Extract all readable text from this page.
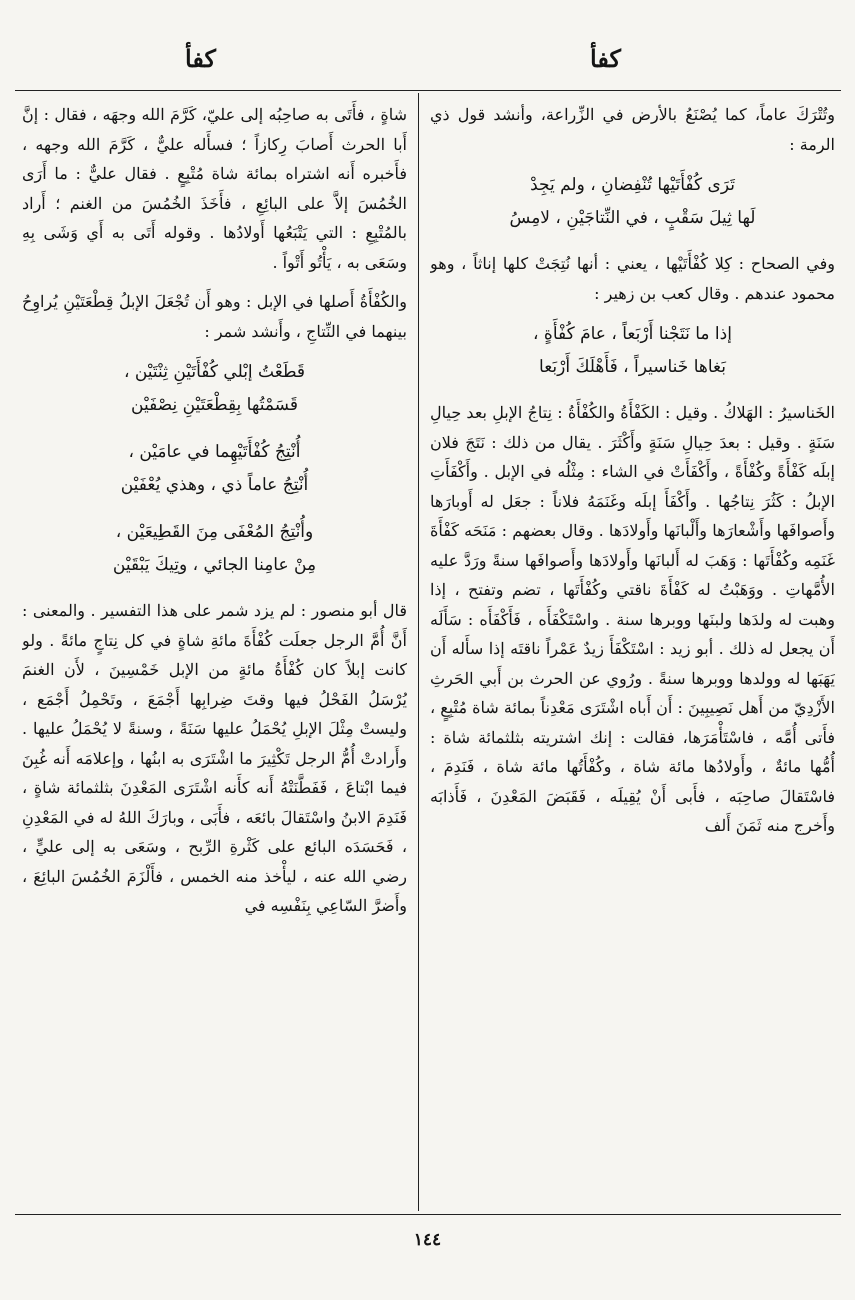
كفأ
كفأ

وتُتْرَكَ عاماً، كما يُصْنَعُ بالأرض في الزِّراعة، وأنشد قول ذي الرمة :

تَرَى كُفْأَتَيْها تُنْفِضانِ ، ولم يَجِدْ
لَها ثِيلَ سَقْبٍ ، في النِّتاجَيْنِ ، لامِسُ

وفي الصحاح : كِلا كُفْأَتَيْها ، يعني : أنها نُتِجَتْ كلها إناثاً ، وهو محمود عندهم . وقال كعب بن زهير :

إذا ما نَتَجْنا أَرْبَعاً ، عامَ كُفْأَةٍ ،
بَغاها خَناسيراً ، فَأَهْلَكَ أَرْبَعا

الخَناسيرُ : الهَلاكُ . وقيل : الكَفْأَةُ والكُفْأَةُ : نِتاجُ الإبلِ بعد حِيالِ سَنَةٍ . وقيل : بعدَ حِيالِ سَنَةٍ وأَكْثَرَ . يقال من ذلك : نَتَجَ فلان إبلَه كَفْأَةً وكُفْأَةً ، وأَكْفَأَتْ في الشاء : مِثْلُه في الإبل . وأَكْفَأَتِ الإبلُ : كَثُرَ نِتاجُها . وأَكْفَأَ إبلَه وغَنَمَهُ فلاناً : جعَل له أَوبارَها وأَصوافَها وأَشْعارَها وأَلْبانَها وأَولادَها . وقال بعضهم : مَنَحَه كَفْأَةَ غَنَمِه وكُفْأَتَها : وَهَبَ له أَلبانَها وأَولادَها وأَصوافَها سنةً ورَدَّ عليه الأُمَّهاتِ . ووَهَبْتُ له كَفْأَةَ ناقتي وكُفْأَتَها ، تضم وتفتح ، إذا وهبت له ولدَها ولبنَها ووبرها سنة . واسْتَكْفَأَه ، فَأَكْفَأَه : سَأَلَه أَن يجعل له ذلك . أبو زيد : اسْتَكْفَأَ زيدٌ عَمْراً ناقتَه إذا سأَله أَن يَهَبَها له وولدها ووبرها سنةً . ورُوي عن الحرث بن أَبي الحَرثِ الأَزْدِيّ من أَهل نَصِيبِينَ : أَن أَباه اشْتَرَى مَعْدِناً بمائة شاة مُتْبِعٍ ، فأَتى أُمَّه ، فاسْتَأْمَرَها، فقالت : إنك اشتريته بثلثمائة شاة : أُمُّها مائةٌ ، وأَولادُها مائة شاة ، وكُفْأَتُها مائة شاة ، فَنَدِمَ ، فاسْتَقالَ صاحِبَه ، فأَبى أَنْ يُقِيلَه ، فَقَبَضَ المَعْدِنَ ، فَأَذابَه وأَخرج منه ثَمَنَ أَلف

شاةٍ ، فأَتَى به صاحِبُه إلى عليّ، كَرَّمَ الله وجهَه ، فقال : إنَّ أَبا الحرث أَصابَ رِكازاً ؛ فسأَله عليٌّ ، كَرَّمَ الله وجهه ، فأَخبره أَنه اشتراه بمائة شاة مُتْبِعٍ . فقال عليٌّ : ما أَرَى الخُمُسَ إلاَّ على البائِعِ ، فأَخَذَ الخُمُسَ من الغنم ؛ أَراد بالمُتْبِعِ : التي يَتْبَعُها أَولادُها . وقوله أَتَى به أَي وَشَى بِهِ وسَعَى به ، يَأْتُو أَتْواً .

والكُفْأَةُ أَصلها في الإبل : وهو أَن تُجْعَلَ الإبلُ قِطْعَتَيْنِ يُراوِحُ بينهما في النِّتاجِ ، وأَنشد شمر :

قَطَعْتُ إبْلي كُفْأَتَيْنِ ثِنْتَيْن ،
قَسَمْتُها بِقِطْعَتَيْنِ نِصْفَيْن
أُنْتِجُ كُفْأَتَيْهِما في عامَيْن ،
أُنْتِجُ عاماً ذي ، وهذي يُعْفَيْن
وأُنْتِجُ المُعْفَى مِنَ القَطِيعَيْن ،
مِنْ عامِنا الجائي ، وتِيكَ يَبْقَيْن

قال أبو منصور : لم يزد شمر على هذا التفسير . والمعنى : أَنَّ أُمَّ الرجل جعلَت كُفْأَةَ مائةِ شاةٍ في كل نِتاجٍ مائةً . ولو كانت إبلاً كان كُفْأَةُ مائةٍ من الإبل خَمْسِينَ ، لأَن الغنمَ يُرْسَلُ الفَحْلُ فيها وقتَ ضِرابِها أَجْمَعَ ، وتَحْمِلُ أَجْمَع ، وليستْ مِثْلَ الإبلِ يُحْمَلُ عليها سَنَةً ، وسنةً لا يُحْمَلُ عليها . وأَرادتْ أُمُّ الرجل تَكْثِيرَ ما اشْتَرَى به ابنُها ، وإعلامَه أَنه غُبِنَ فيما ابْتاعَ ، فَفَطَّنَتْهُ أَنه كأَنه اشْتَرَى المَعْدِنَ بثلثمائة شاةٍ ، فَنَدِمَ الابنُ واسْتَقالَ بائعَه ، فأَبَى ، وبارَكَ اللهُ له في المَعْدِنِ ، فَحَسَدَه البائع على كَثْرةِ الرِّبح ، وسَعَى به إلى عليٍّ ، رضي الله عنه ، ليأْخذ منه الخمس ، فأَلْزَمَ الخُمُسَ البائِعَ ، وأَضرَّ السّاعِي بِنَفْسِه في

١٤٤
